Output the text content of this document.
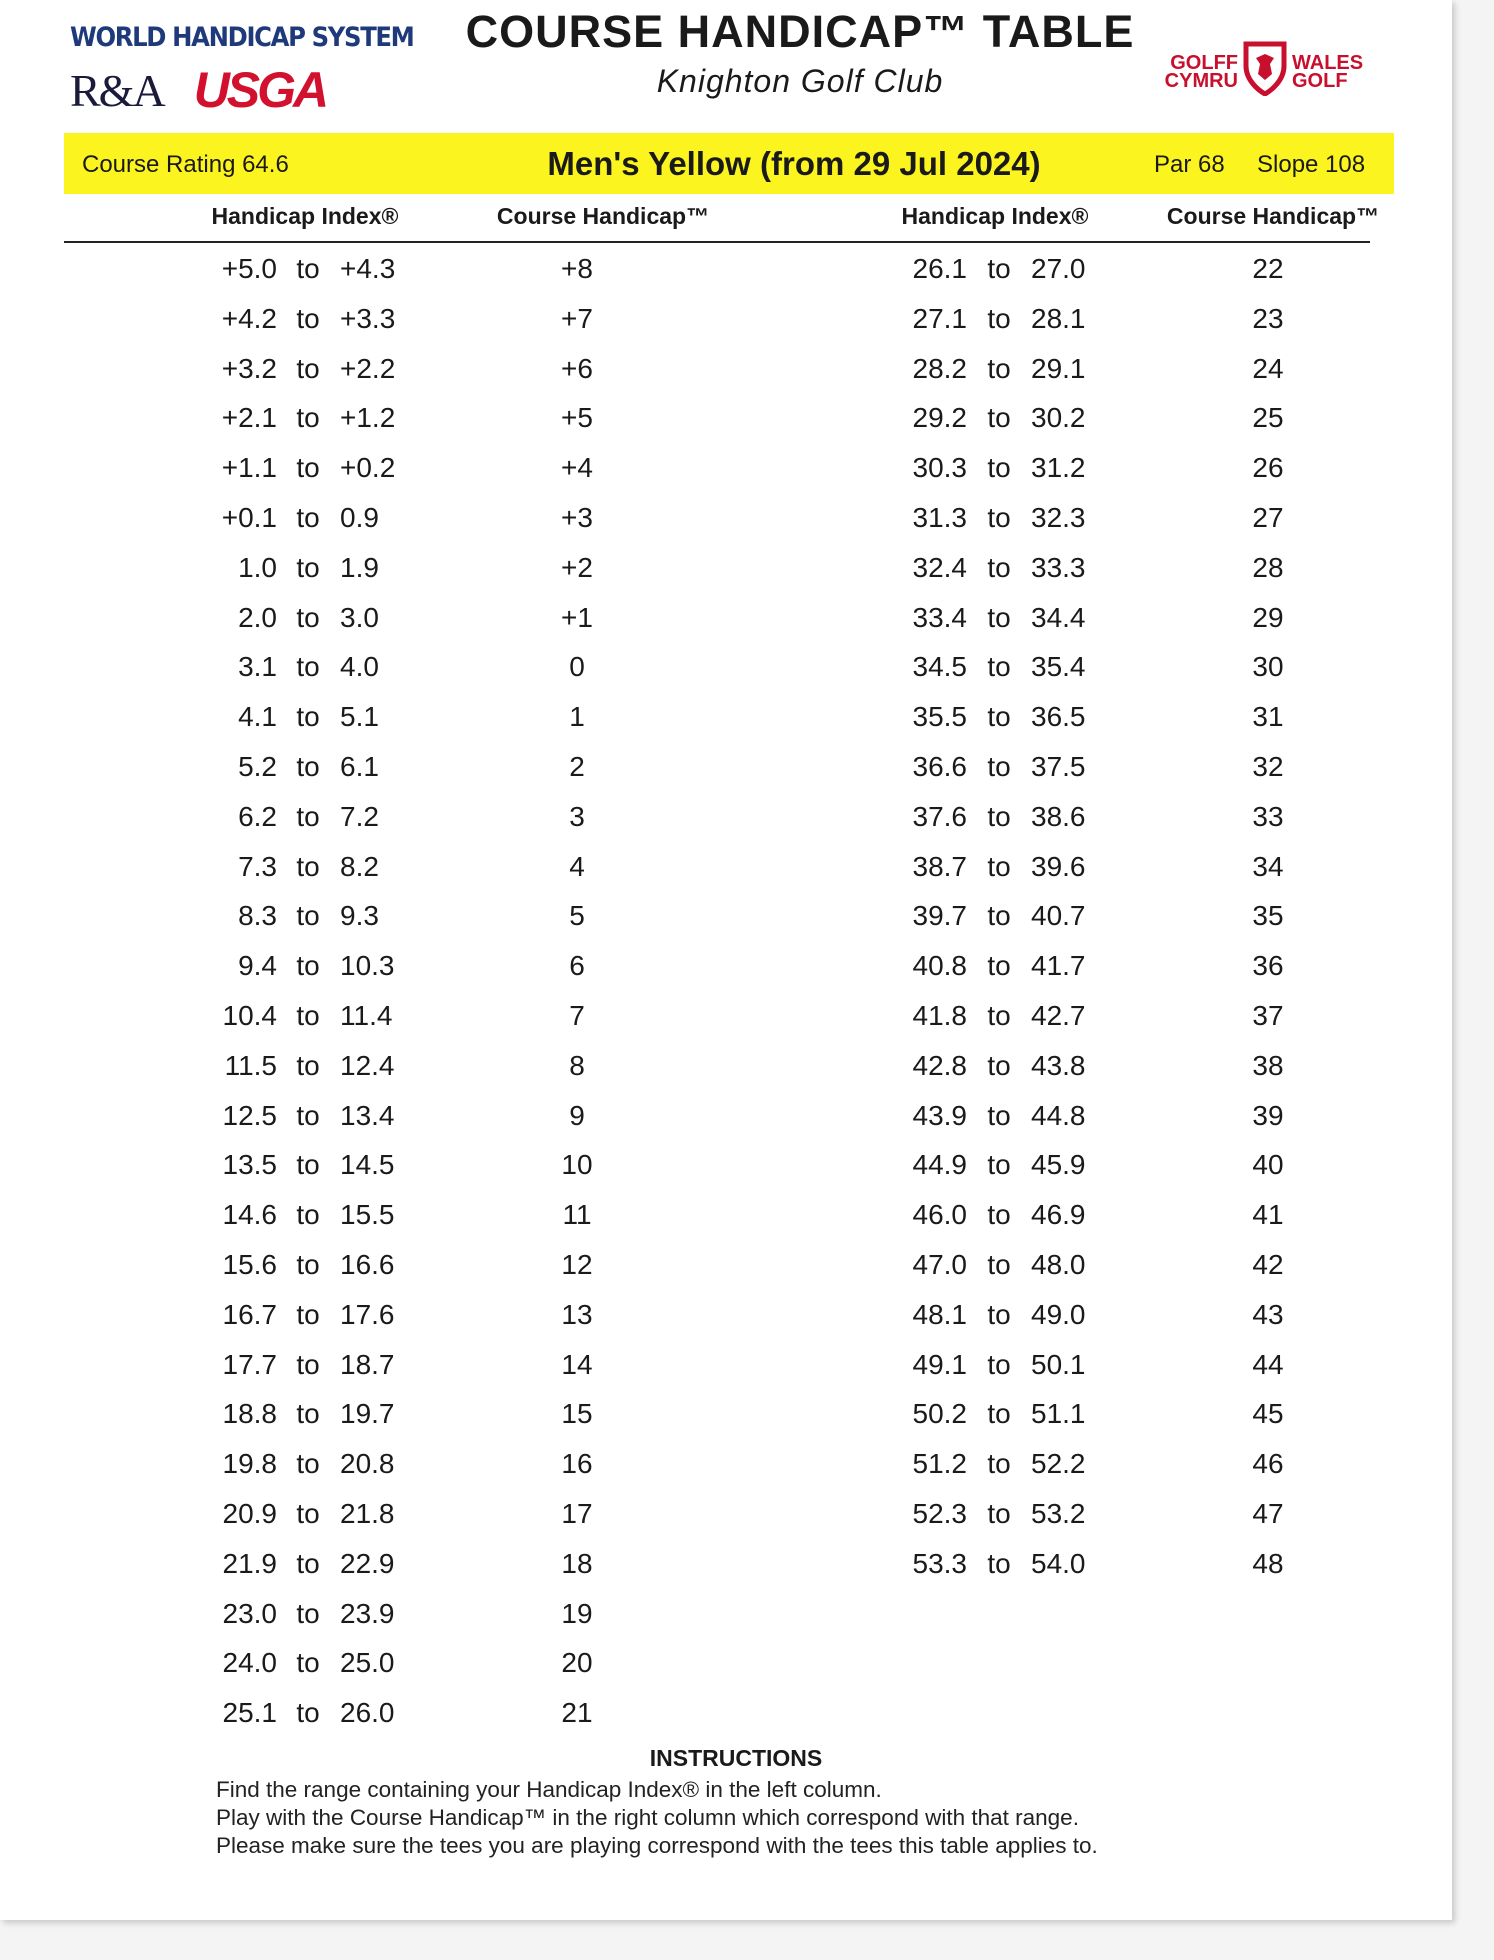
WORLD HANDICAP SYSTEM
R&A USGA
COURSE HANDICAP™ TABLE
Knighton Golf Club	GOLFF
CYMRU
WALES
GOLF
Course Rating 64.6	Men's Yellow (from 29 Jul 2024)	Par 68 Slope 108
Handicap Index®	Course Handicap™	Handicap Index®	Course Handicap™
+5.0 to +4.3	+8
+4.2 to +3.3	+7
+3.2 to +2.2	+6
+2.1 to +1.2	+5
+1.1 to +0.2	+4
+0.1 to 0.9	+3
1.0 to 1.9	+2
2.0 to 3.0	+1
3.1 to 4.0	0
4.1 to 5.1	1
5.2 to 6.1	2
6.2 to 7.2	3
7.3 to 8.2	4
8.3 to 9.3	5
9.4 to 10.3	6
10.4 to 11.4	7
11.5 to 12.4	8
12.5 to 13.4	9
13.5 to 14.5	10
14.6 to 15.5	11
15.6 to 16.6	12
16.7 to 17.6	13
17.7 to 18.7	14
18.8 to 19.7	15
19.8 to 20.8	16
20.9 to 21.8	17
21.9 to 22.9	18
23.0 to 23.9	19
24.0 to 25.0	20
25.1 to 26.0	21
26.1 to 27.0	22
27.1 to 28.1	23
28.2 to 29.1	24
29.2 to 30.2	25
30.3 to 31.2	26
31.3 to 32.3	27
32.4 to 33.3	28
33.4 to 34.4	29
34.5 to 35.4	30
35.5 to 36.5	31
36.6 to 37.5	32
37.6 to 38.6	33
38.7 to 39.6	34
39.7 to 40.7	35
40.8 to 41.7	36
41.8 to 42.7	37
42.8 to 43.8	38
43.9 to 44.8	39
44.9 to 45.9	40
46.0 to 46.9	41
47.0 to 48.0	42
48.1 to 49.0	43
49.1 to 50.1	44
50.2 to 51.1	45
51.2 to 52.2	46
52.3 to 53.2	47
53.3 to 54.0	48
INSTRUCTIONS
Find the range containing your Handicap Index® in the left column.
Play with the Course Handicap™ in the right column which correspond with that range.
Please make sure the tees you are playing correspond with the tees this table applies to.
